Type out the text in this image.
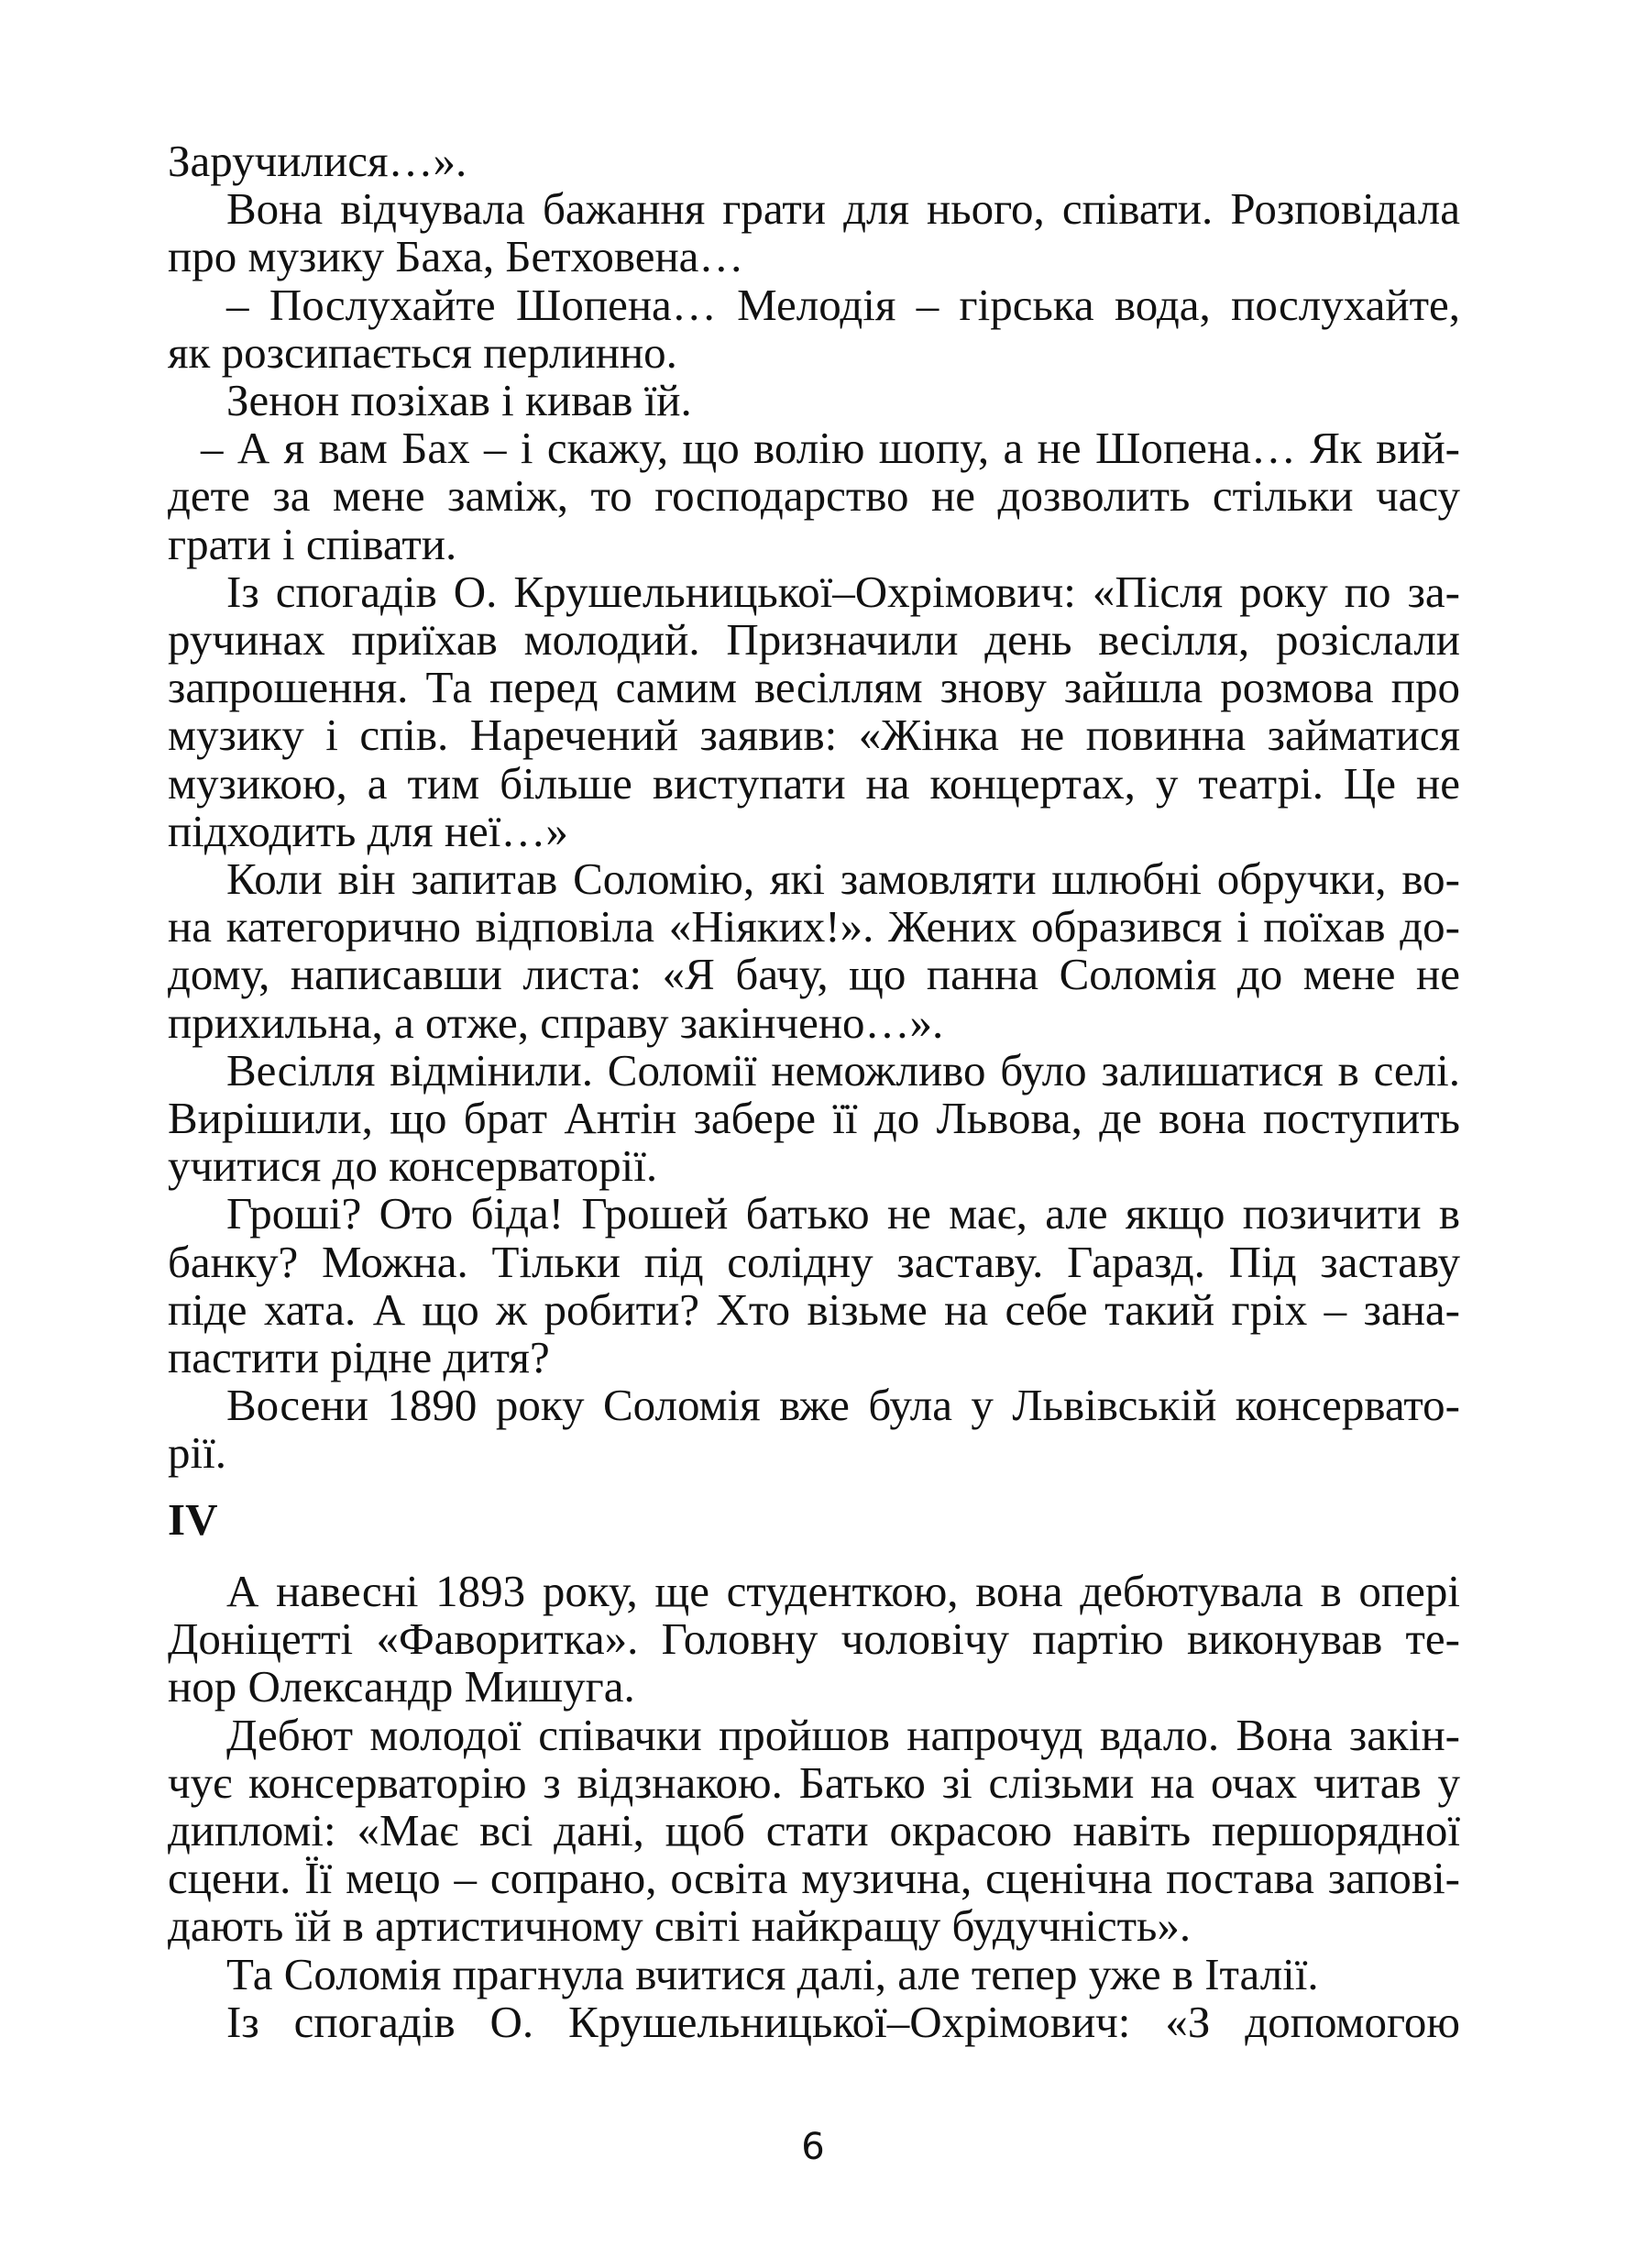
Заручилися…».
Вона відчувала бажання грати для нього, співати. Розповідала
про музику Баха, Бетховена…
– Послухайте Шопена… Мелодія – гірська вода, послухайте,
як розсипається перлинно.
Зенон позіхав і кивав їй.
– А я вам Бах – і скажу, що волію шопу, а не Шопена… Як вий-
дете за мене заміж, то господарство не дозволить стільки часу
грати і співати.
Із спогадів О. Крушельницької–Охрімович: «Після року по за-
ручинах приїхав молодий. Призначили день весілля, розіслали
запрошення. Та перед самим весіллям знову зайшла розмова про
музику і спів. Наречений заявив: «Жінка не повинна займатися
музикою, а тим більше виступати на концертах, у театрі. Це не
підходить для неї…»
Коли він запитав Соломію, які замовляти шлюбні обручки, во-
на категорично відповіла «Ніяких!». Жених образився і поїхав до-
дому, написавши листа: «Я бачу, що панна Соломія до мене не
прихильна, а отже, справу закінчено…».
Весілля відмінили. Соломії неможливо було залишатися в селі.
Вирішили, що брат Антін забере її до Львова, де вона поступить
учитися до консерваторії.
Гроші? Ото біда! Грошей батько не має, але якщо позичити в
банку? Можна. Тільки під солідну заставу. Гаразд. Під заставу
піде хата. А що ж робити? Хто візьме на себе такий гріх – зана-
пастити рідне дитя?
Восени 1890 року Соломія вже була у Львівській консервато-
рії.
IV
А навесні 1893 року, ще студенткою, вона дебютувала в опері
Доніцетті «Фаворитка». Головну чоловічу партію виконував те-
нор Олександр Мишуга.
Дебют молодої співачки пройшов напрочуд вдало. Вона закін-
чує консерваторію з відзнакою. Батько зі слізьми на очах читав у
дипломі: «Має всі дані, щоб стати окрасою навіть першорядної
сцени. Її мецо – сопрано, освіта музична, сценічна постава запові-
дають їй в артистичному світі найкращу будучність».
Та Соломія прагнула вчитися далі, але тепер уже в Італії.
Із спогадів О. Крушельницької–Охрімович: «З допомогою
6
